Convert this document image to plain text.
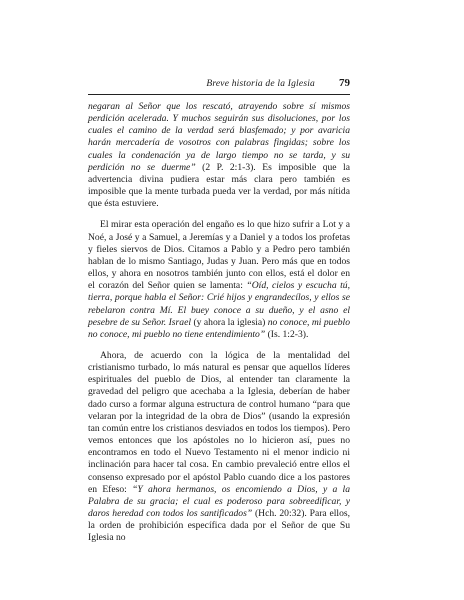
Breve historia de la Iglesia 79

negaran al Señor que los rescató, atrayendo sobre sí mismos perdición acelerada. Y muchos seguirán sus disoluciones, por los cuales el camino de la verdad será blasfemado; y por avaricia harán mercadería de vosotros con palabras fingidas; sobre los cuales la condenación ya de largo tiempo no se tarda, y su perdición no se duerme” (2 P. 2:1-3). Es imposible que la advertencia divina pudiera estar más clara pero también es imposible que la mente turbada pueda ver la verdad, por más nítida que ésta estuviere.

El mirar esta operación del engaño es lo que hizo sufrir a Lot y a Noé, a José y a Samuel, a Jeremías y a Daniel y a todos los profetas y fieles siervos de Dios. Citamos a Pablo y a Pedro pero también hablan de lo mismo Santiago, Judas y Juan. Pero más que en todos ellos, y ahora en nosotros también junto con ellos, está el dolor en el corazón del Señor quien se lamenta: “Oíd, cielos y escucha tú, tierra, porque habla el Señor: Crié hijos y engrandecílos, y ellos se rebelaron contra Mí. El buey conoce a su dueño, y el asno el pesebre de su Señor. Israel (y ahora la iglesia) no conoce, mi pueblo no conoce, mi pueblo no tiene entendimiento” (Is. 1:2-3).

Ahora, de acuerdo con la lógica de la mentalidad del cristianismo turbado, lo más natural es pensar que aquellos líderes espirituales del pueblo de Dios, al entender tan claramente la gravedad del peligro que acechaba a la Iglesia, deberían de haber dado curso a formar alguna estructura de control humano “para que velaran por la integridad de la obra de Dios” (usando la expresión tan común entre los cristianos desviados en todos los tiempos). Pero vemos entonces que los apóstoles no lo hicieron así, pues no encontramos en todo el Nuevo Testamento ni el menor indicio ni inclinación para hacer tal cosa. En cambio prevaleció entre ellos el consenso expresado por el apóstol Pablo cuando dice a los pastores en Efeso: “Y ahora hermanos, os encomiendo a Dios, y a la Palabra de su gracia; el cual es poderoso para sobreedificar, y daros heredad con todos los santificados” (Hch. 20:32). Para ellos, la orden de prohibición específica dada por el Señor de que Su Iglesia no
